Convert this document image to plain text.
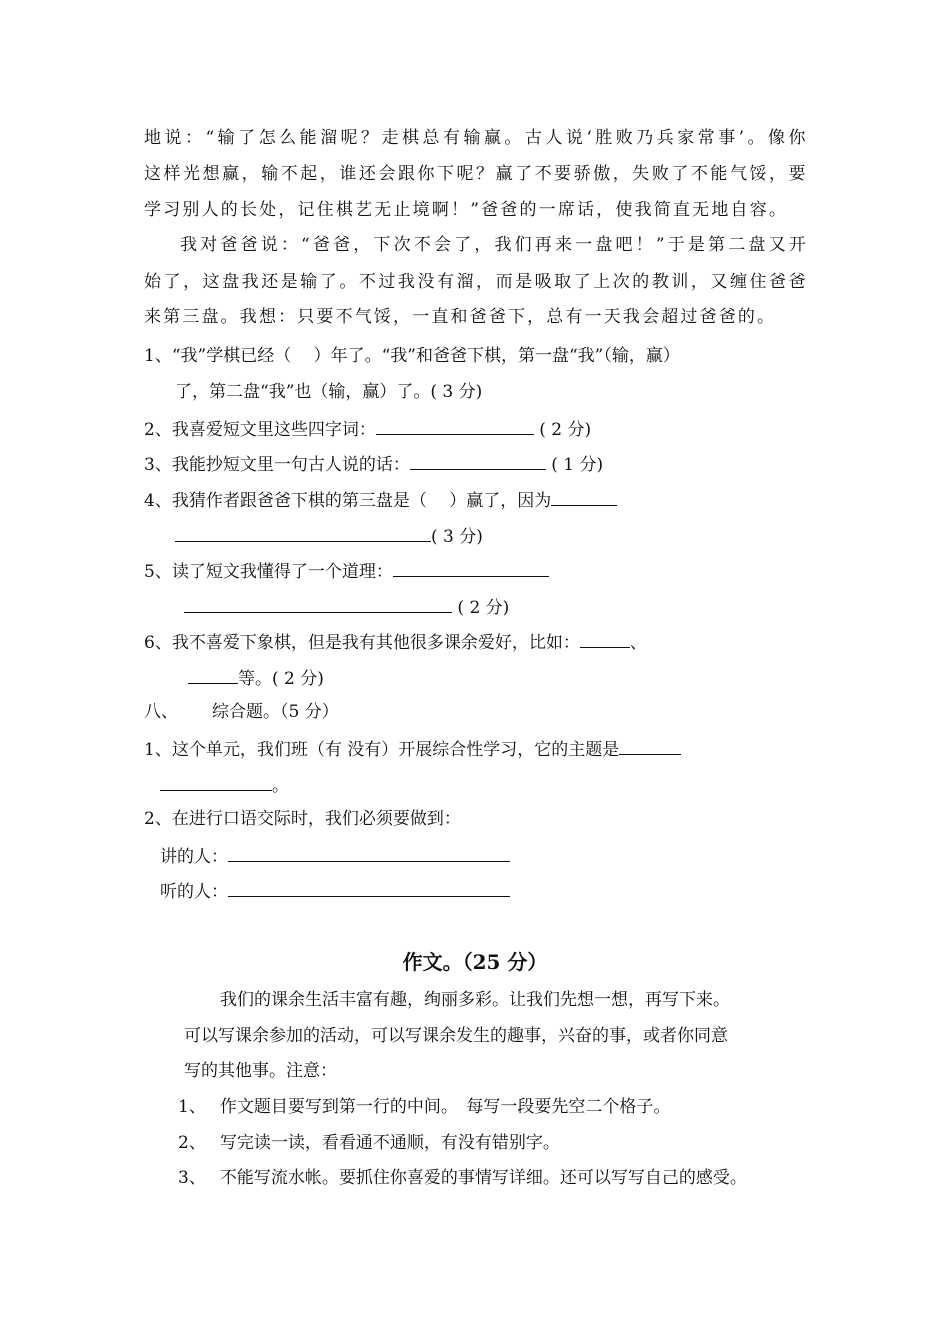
地 说 ： “ 输 了 怎 么 能 溜 呢 ？ 走 棋 总 有 输 赢 。 古 人 说 ‘ 胜 败 乃 兵 家 常 事 ’ 。 像 你
这 样 光 想 赢 ， 输 不 起 ， 谁 还 会 跟 你 下 呢 ？ 赢 了 不 要 骄 傲 ， 失 败 了 不 能 气 馁 ， 要
学 习 别 人 的 长 处 ， 记 住 棋 艺 无 止 境 啊 ！ ” 爸 爸 的 一 席 话 ， 使 我 简 直 无 地 自 容 。
我 对 爸 爸 说 ： “ 爸 爸 ， 下 次 不 会 了 ， 我 们 再 来 一 盘 吧 ！ ” 于 是 第 二 盘 又 开
始 了 ， 这 盘 我 还 是 输 了 。 不 过 我 没 有 溜 ， 而 是 吸 取 了 上 次 的 教 训 ， 又 缠 住 爸 爸
来 第 三 盘 。 我 想 ： 只 要 不 气 馁 ， 一 直 和 爸 爸 下 ， 总 有 一 天 我 会 超 过 爸 爸 的 。
1、“我”学棋已经（　 ）年了。“我”和爸爸下棋，第一盘“我”（输，赢）
了，第二盘“我”也（输，赢）了。( 3 分)
2、我喜爱短文里这些四字词：	( 2 分)
3、我能抄短文里一句古人说的话：	( 1 分)
4、我猜作者跟爸爸下棋的第三盘是（　 ）赢了，因为
( 3 分)
5、读了短文我懂得了一个道理：
( 2 分)
6、我不喜爱下象棋，但是我有其他很多课余爱好，比如：	、
等。( 2 分)
八、 综合题。（5 分）
1、这个单元，我们班（有 没有）开展综合性学习，它的主题是
。
2、在进行口语交际时，我们必须要做到：
讲的人：
听的人：
作文。（25 分）
我们的课余生活丰富有趣，绚丽多彩。让我们先想一想，再写下来。
可以写课余参加的活动，可以写课余发生的趣事，兴奋的事，或者你同意
写的其他事。注意：
1、 作文题目要写到第一行的中间。　每写一段要先空二个格子。
2、 写完读一读，看看通不通顺，有没有错别字。
3、 不能写流水帐。要抓住你喜爱的事情写详细。还可以写写自己的感受。
